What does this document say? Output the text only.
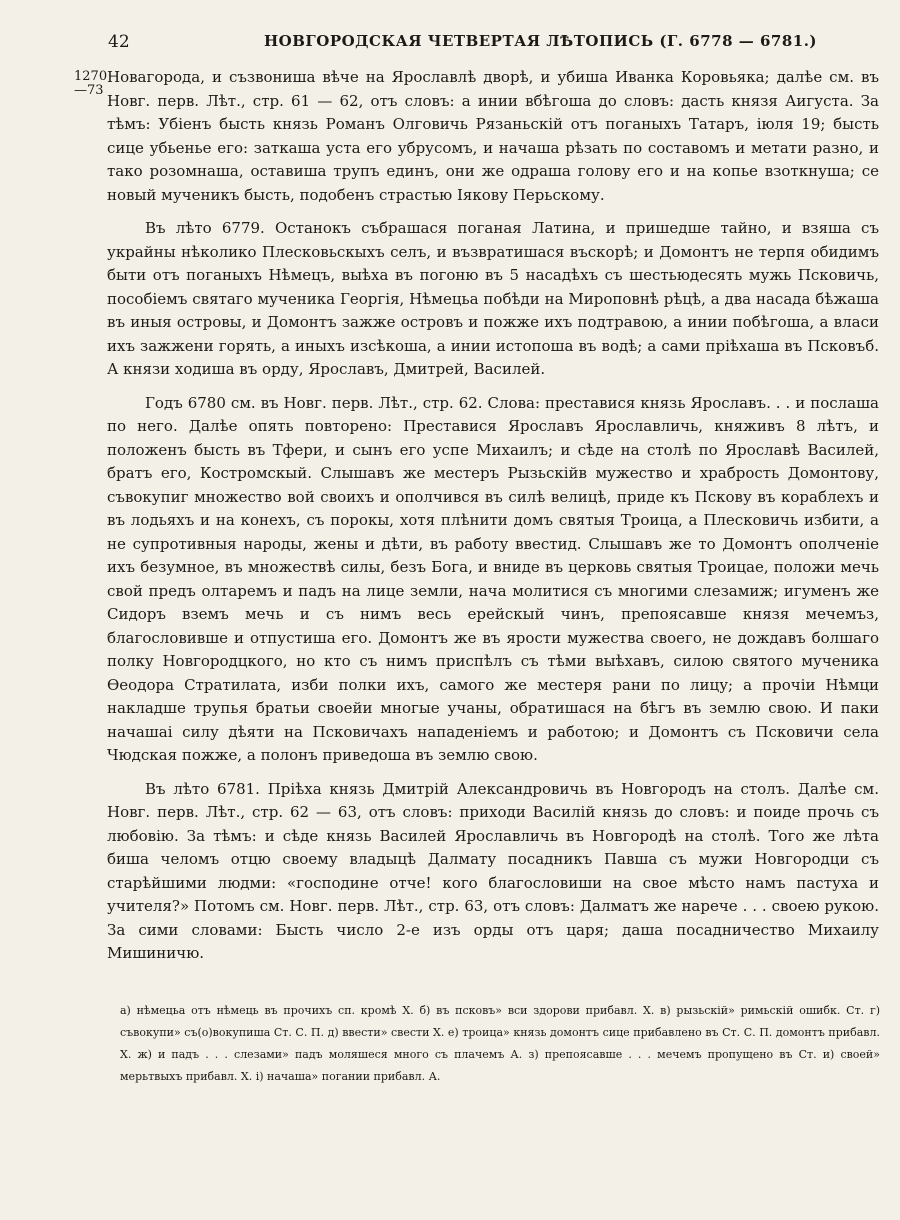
42	НОВГОРОДСКАЯ ЧЕТВЕРТАЯ ЛѢТОПИСЬ (Г. 6778 — 6781.)
1270—73

Новагорода, и съзвониша вѣче на Ярославлѣ дворѣ, и убиша Иванка Коровьяка; далѣе см. въ Новг. перв. Лѣт., стр. 61 — 62, отъ словъ: а инии вбѣгоша до словъ: дасть князя Аигуста. За тѣмъ: Убіенъ бысть князь Романъ Олговичь Рязаньскій отъ поганыхъ Татаръ, іюля 19; бысть сице убьенье его: заткаша уста его убрусомъ, и начаша рѣзать по составомъ и метати разно, и тако розомнаша, оставиша трупъ единъ, они же одраша голову его и на копье взоткнуша; се новый мученикъ бысть, подобенъ страстью Іякову Перьскому.

Въ лѣто 6779. Останокъ събрашася поганая Латина, и пришедше тайно, и взяша съ украйны нѣколико Плесковьскыхъ селъ, и възвратишася въскорѣ; и Домонтъ не терпя обидимъ быти отъ поганыхъ Нѣмецъ, выѣха въ погоню въ 5 насадѣхъ съ шестьюдесять мужь Псковичь, пособіемъ святаго мученика Георгія, Нѣмецьа побѣди на Мироповнѣ рѣцѣ, а два насада бѣжаша въ иныя островы, и Домонтъ зажже островъ и пожже ихъ подтравою, а инии побѣгоша, а власи ихъ зажжени горять, а иныхъ изсѣкоша, а инии истопоша въ водѣ; а сами пріѣхаша въ Псковъб. А князи ходиша въ орду, Ярославъ, Дмитрей, Василей.

Годъ 6780 см. въ Новг. перв. Лѣт., стр. 62. Слова: преставися князь Ярославъ. . . и послаша по него. Далѣе опять повторено: Преставися Ярославъ Ярославличь, княживъ 8 лѣтъ, и положенъ бысть въ Тфери, и сынъ его успе Михаилъ; и сѣде на столѣ по Ярославѣ Василей, братъ его, Костромскый. Слышавъ же местеръ Рызьскійв мужество и храбрость Домонтову, съвокупиг множество вой своихъ и ополчився въ силѣ велицѣ, приде къ Пскову въ кораблехъ и въ лодьяхъ и на конехъ, съ порокы, хотя плѣнити домъ святыя Троица, а Плесковичь избити, а не супротивныя народы, жены и дѣти, въ работу ввестид. Слышавъ же то Домонтъ ополченіе ихъ безумное, въ множествѣ силы, безъ Бога, и вниде въ церковь святыя Троицае, положи мечь свой предъ олтаремъ и падъ на лице земли, нача молитися съ многими слезамиж; игуменъ же Сидоръ вземъ мечь и съ нимъ весь ерейскый чинъ, препоясавше князя мечемъз, благословивше и отпустиша его. Домонтъ же въ ярости мужества своего, не дождавъ болшаго полку Новгородцкого, но кто съ нимъ приспѣлъ съ тѣми выѣхавъ, силою святого мученика Ѳеодора Стратилата, изби полки ихъ, самого же местеря рани по лицу; а прочіи Нѣмци накладше трупья братьи своейи многые учаны, обратишася на бѣгъ въ землю свою. И паки начашаі силу дѣяти на Псковичахъ нападеніемъ и работою; и Домонтъ съ Псковичи села Чюдская пожже, а полонъ приведоша въ землю свою.

Въ лѣто 6781. Пріѣха князь Дмитрій Александровичь въ Новгородъ на столъ. Далѣе см. Новг. перв. Лѣт., стр. 62 — 63, отъ словъ: приходи Василій князь до словъ: и поиде прочь съ любовію. За тѣмъ: и сѣде князь Василей Ярославличь въ Новгородѣ на столѣ. Того же лѣта биша челомъ отцю своему владыцѣ Далмату посадникъ Павша съ мужи Новгородци съ старѣйшими людми: «господине отче! кого благословиши на свое мѣсто намъ пастуха и учителя?» Потомъ см. Новг. перв. Лѣт., стр. 63, отъ словъ: Далматъ же нарече . . . своею рукою. За сими словами: Бысть число 2-е изъ орды отъ царя; даша посадничество Михаилу Мишиничю.

а) нѣмецьа отъ нѣмець въ прочихъ сп. кромѣ Х. б) въ псковъ» вси здорови прибавл. Х. в) рызьскій» римьскій ошибк. Ст. г) съвокупи» съ(о)вокупиша Ст. С. П. д) ввести» свести Х. е) троица» князь домонтъ сице прибавлено въ Ст. С. П. домонтъ прибавл. Х. ж) и падъ . . . слезами» падъ моляшеся много съ плачемъ А. з) препоясавше . . . мечемъ пропущено въ Ст. и) своей» мерьтвыхъ прибавл. Х. і) начаша» погании прибавл. А.
